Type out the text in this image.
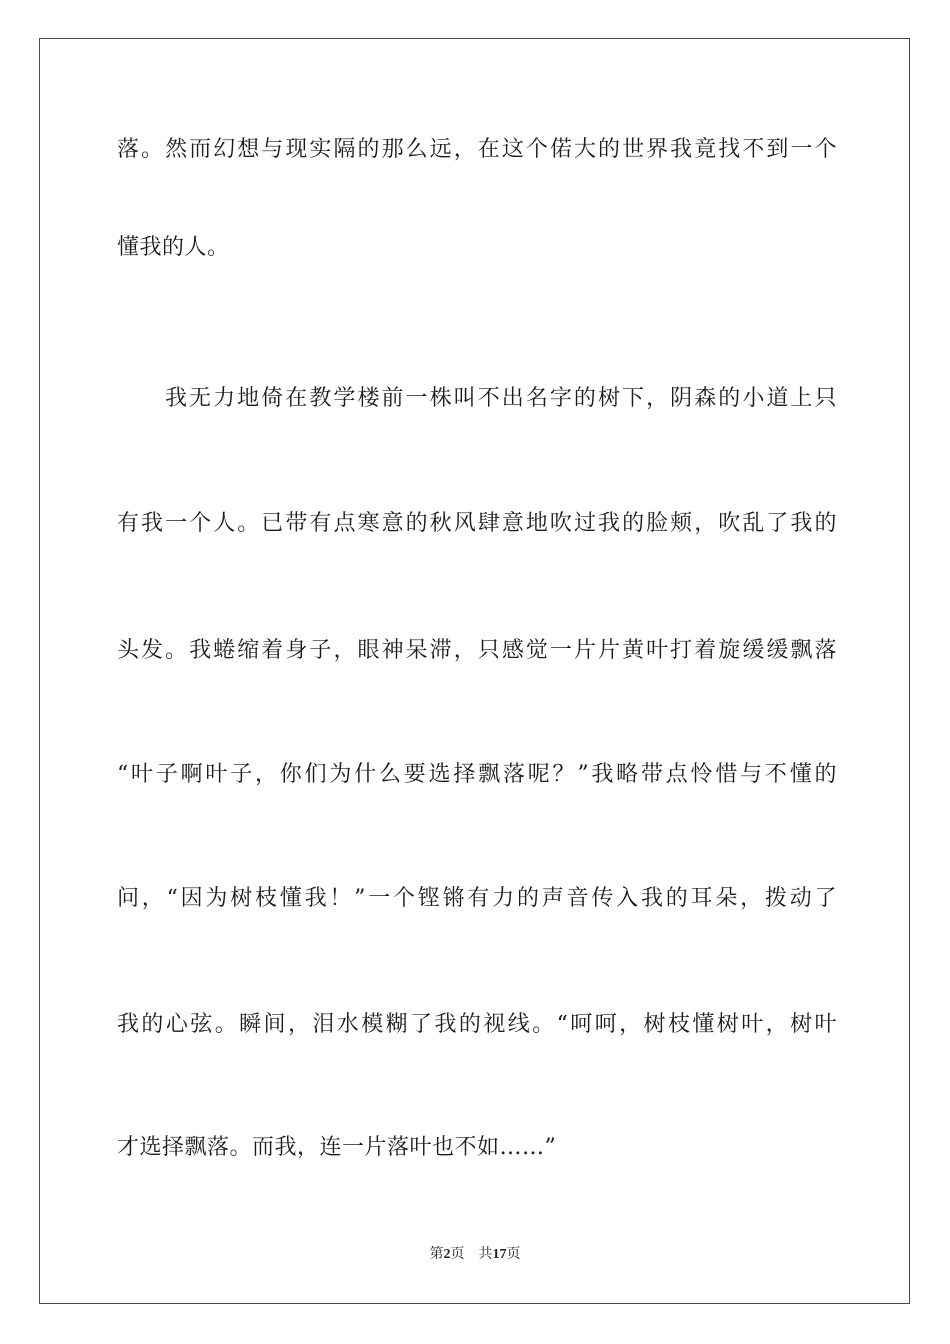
落。然而幻想与现实隔的那么远，在这个偌大的世界我竟找不到一个
懂我的人。
我无力地倚在教学楼前一株叫不出名字的树下，阴森的小道上只
有我一个人。已带有点寒意的秋风肆意地吹过我的脸颊，吹乱了我的
头发。我蜷缩着身子，眼神呆滞，只感觉一片片黄叶打着旋缓缓飘落
“叶子啊叶子，你们为什么要选择飘落呢？”我略带点怜惜与不懂的
问，“因为树枝懂我！”一个铿锵有力的声音传入我的耳朵，拨动了
我的心弦。瞬间，泪水模糊了我的视线。“呵呵，树枝懂树叶，树叶
才选择飘落。而我，连一片落叶也不如……”
第2页 共17页
